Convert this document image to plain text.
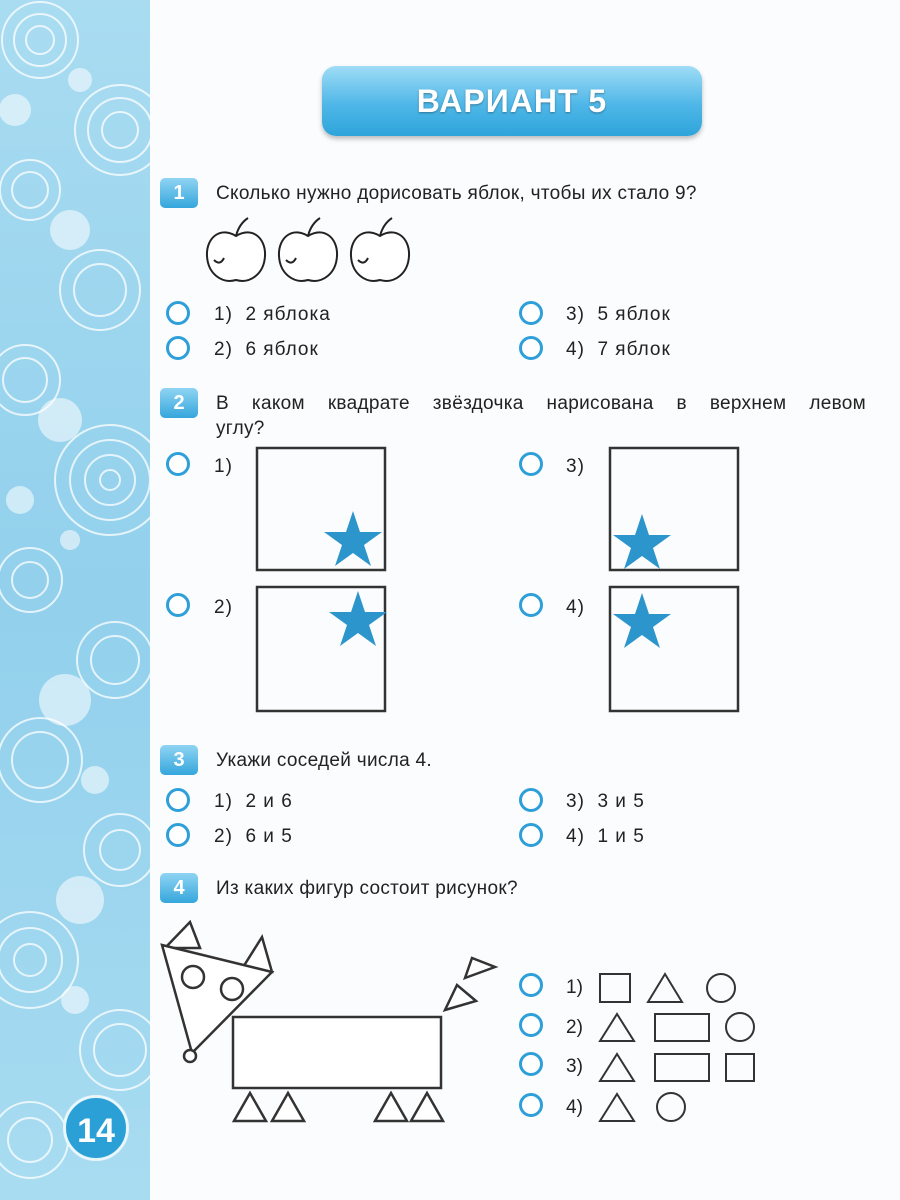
14
ВАРИАНТ 5
1	Сколько нужно дорисовать яблок, чтобы их стало 9?
1)  2 яблока
2)  6 яблок
3)  5 яблок
4)  7 яблок
2	В каком квадрате звёздочка нарисована в верхнем левом
углу?
1)
2)
3)
4)
3	Укажи соседей числа 4.
1)  2 и 6
2)  6 и 5
3)  3 и 5
4)  1 и 5
4	Из каких фигур состоит рисунок?
1)
2)
3)
4)
